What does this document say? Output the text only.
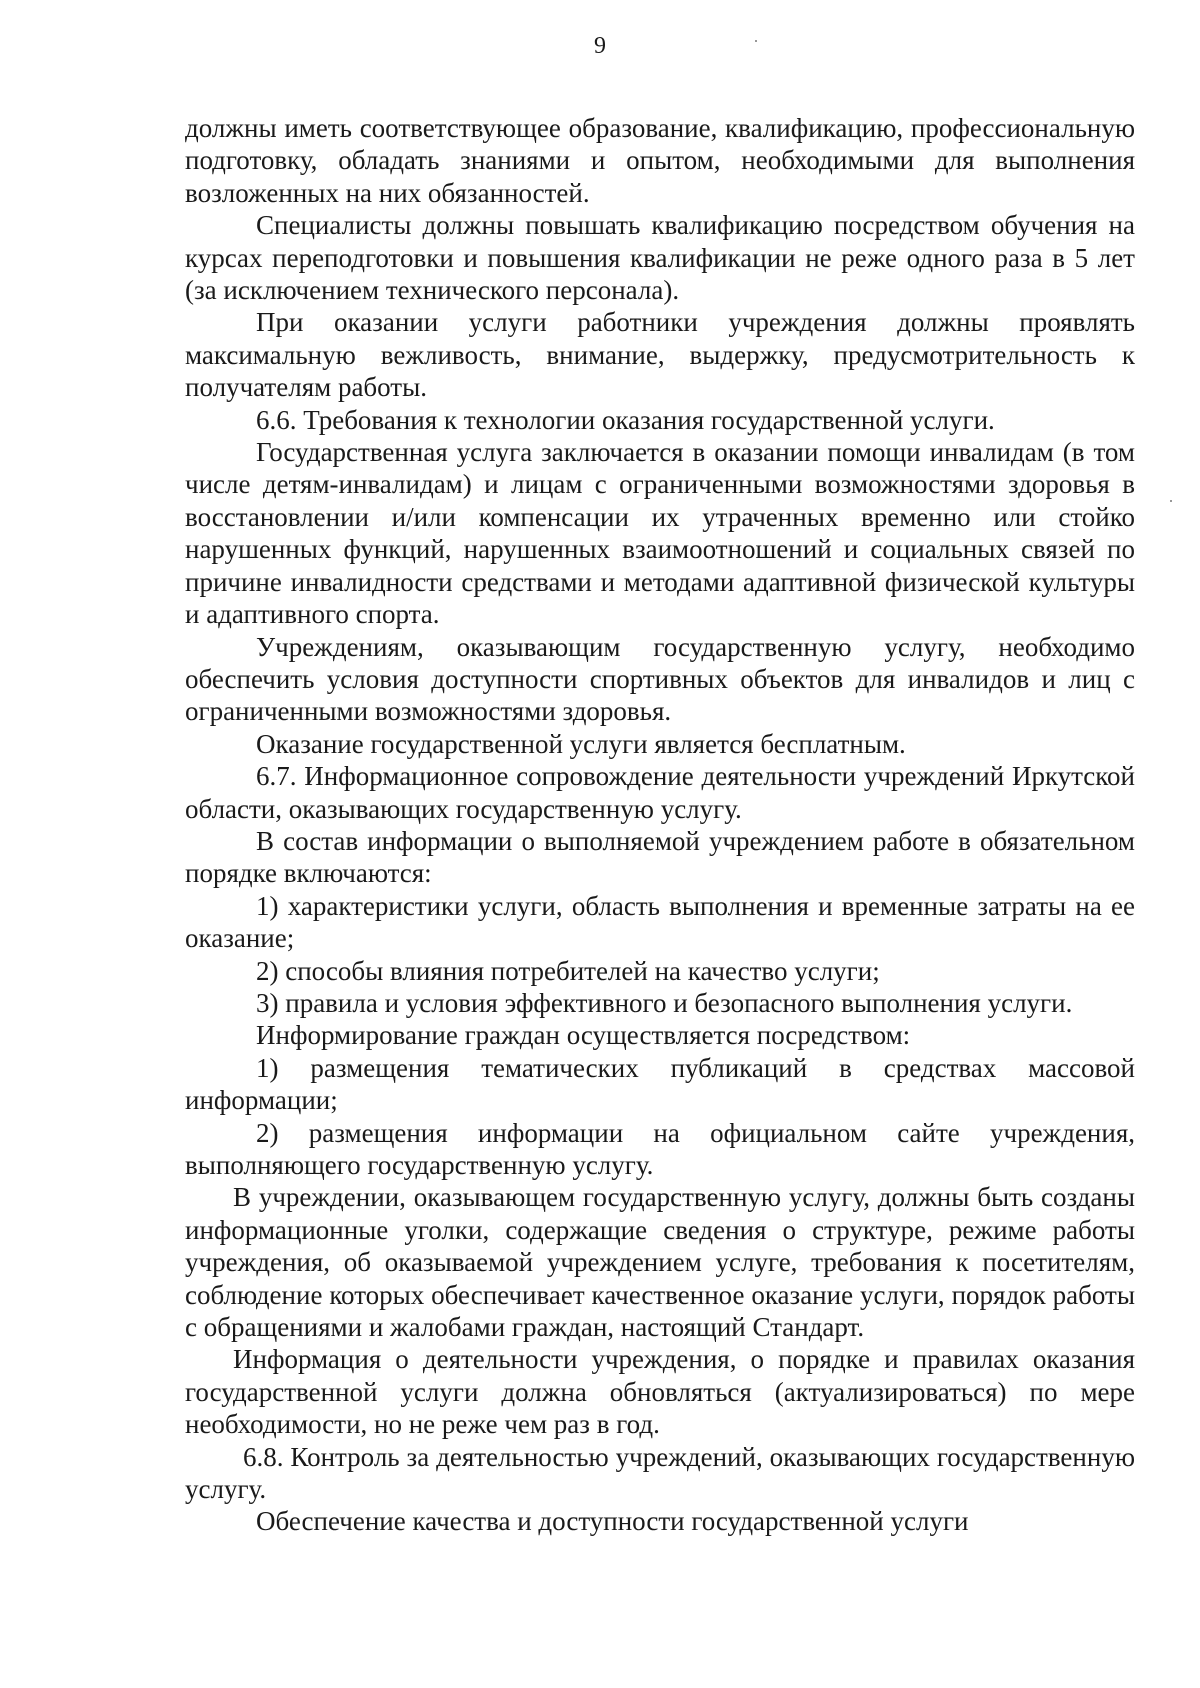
9

должны иметь соответствующее образование, квалификацию, профессиональную подготовку, обладать знаниями и опытом, необходимыми для выполнения возложенных на них обязанностей.

Специалисты должны повышать квалификацию посредством обучения на курсах переподготовки и повышения квалификации не реже одного раза в 5 лет (за исключением технического персонала).

При оказании услуги работники учреждения должны проявлять максимальную вежливость, внимание, выдержку, предусмотрительность к получателям работы.

6.6. Требования к технологии оказания государственной услуги.

Государственная услуга заключается в оказании помощи инвалидам (в том числе детям-инвалидам) и лицам с ограниченными возможностями здоровья в восстановлении и/или компенсации их утраченных временно или стойко нарушенных функций, нарушенных взаимоотношений и социальных связей по причине инвалидности средствами и методами адаптивной физической культуры и адаптивного спорта.

Учреждениям, оказывающим государственную услугу, необходимо обеспечить условия доступности спортивных объектов для инвалидов и лиц с ограниченными возможностями здоровья.

Оказание государственной услуги является бесплатным.

6.7. Информационное сопровождение деятельности учреждений Иркутской области, оказывающих государственную услугу.

В состав информации о выполняемой учреждением работе в обязательном порядке включаются:

1) характеристики услуги, область выполнения и временные затраты на ее оказание;

2) способы влияния потребителей на качество услуги;

3) правила и условия эффективного и безопасного выполнения услуги.

Информирование граждан осуществляется посредством:

1) размещения тематических публикаций в средствах массовой информации;

2) размещения информации на официальном сайте учреждения, выполняющего государственную услугу.

В учреждении, оказывающем государственную услугу, должны быть созданы информационные уголки, содержащие сведения о структуре, режиме работы учреждения, об оказываемой учреждением услуге, требования к посетителям, соблюдение которых обеспечивает качественное оказание услуги, порядок работы с обращениями и жалобами граждан, настоящий Стандарт.

Информация о деятельности учреждения, о порядке и правилах оказания государственной услуги должна обновляться (актуализироваться) по мере необходимости, но не реже чем раз в год.

6.8. Контроль за деятельностью учреждений, оказывающих государственную услугу.

Обеспечение качества и доступности государственной услуги
